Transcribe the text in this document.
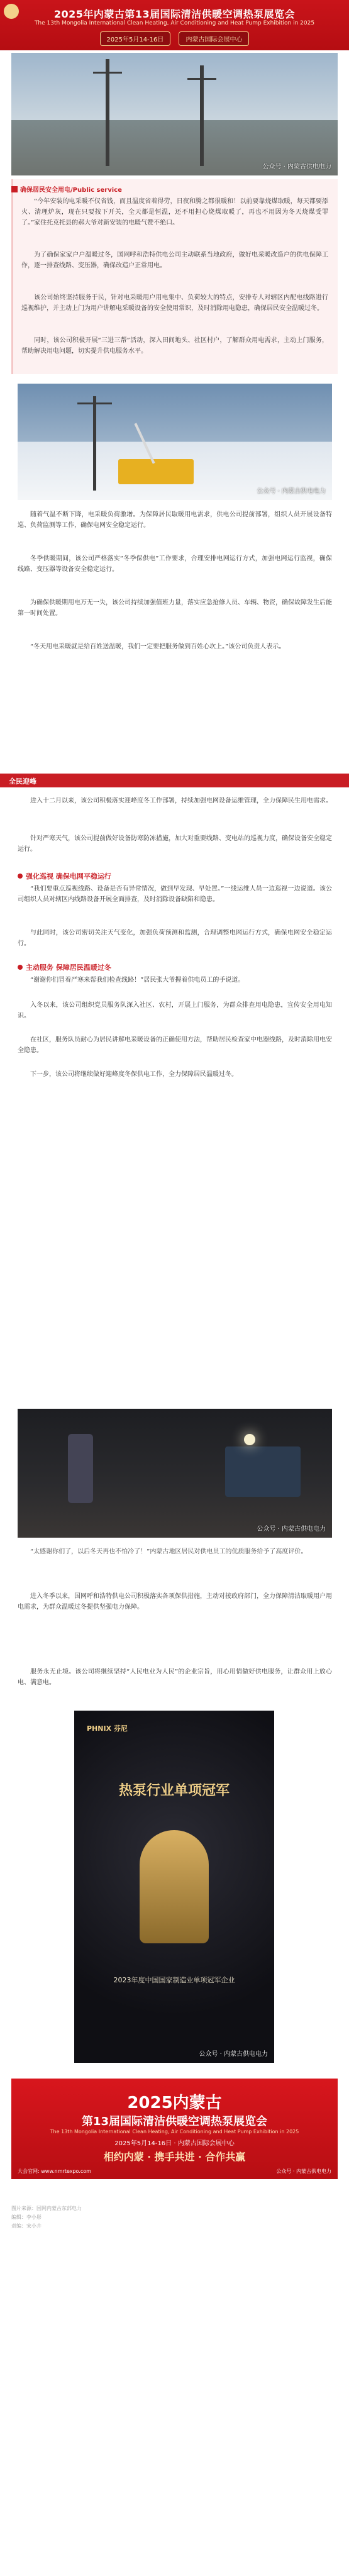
2025年内蒙古第13届国际清洁供暖空调热泵展览会
The 13th Mongolia International Clean Heating, Air Conditioning and Heat Pump Exhibition in 2025
2025年5月14-16日	内蒙古国际会展中心
公众号 · 内蒙古供电电力
确保居民安全用电/Public service

“今年安装的电采暖不仅省钱，而且温度省着得劳，日夜和腾之都很暖和！以前要靠烧煤取暖，每天都要添火、清理炉灰，现在只要按下开关，全天都是恒温，还不用担心烧煤取暖了，再也不用因为冬天烧煤受罪了。”家住托克托县的郝大爷对新安装的电暖气赞不绝口。

为了确保家家户户温暖过冬，国网呼和浩特供电公司主动联系当地政府，做好电采暖改造户的供电保障工作，逐一排查线路、变压器，确保改造户正常用电。

该公司始终坚持服务于民，针对电采暖用户用电集中、负荷较大的特点，安排专人对辖区内配电线路进行巡视维护，并主动上门为用户讲解电采暖设备的安全使用常识，及时消除用电隐患，确保居民安全温暖过冬。

同时，该公司积极开展“三进三帮”活动，深入田间地头、社区村户，了解群众用电需求，主动上门服务，帮助解决用电问题，切实提升供电服务水平。

公众号 · 内蒙古供电电力

随着气温不断下降，电采暖负荷激增。为保障居民取暖用电需求，供电公司提前部署，组织人员开展设备特巡、负荷监测等工作，确保电网安全稳定运行。

冬季供暖期间，该公司严格落实“冬季保供电”工作要求，合理安排电网运行方式，加强电网运行监视，确保线路、变压器等设备安全稳定运行。

为确保供暖期用电万无一失，该公司持续加强值班力量，落实应急抢修人员、车辆、物资，确保故障发生后能第一时间处置。

“冬天用电采暖就是给百姓送温暖，我们一定要把服务做到百姓心坎上。”该公司负责人表示。

全民迎峰

进入十二月以来，该公司积极落实迎峰度冬工作部署，持续加强电网设备运维管理，全力保障民生用电需求。

针对严寒天气，该公司提前做好设备防寒防冻措施，加大对重要线路、变电站的巡视力度，确保设备安全稳定运行。

强化巡视 确保电网平稳运行

“我们要重点巡视线路、设备是否有异常情况，做到早发现、早处置。”一线运维人员一边巡视一边说道。该公司组织人员对辖区内线路设备开展全面排查，及时消除设备缺陷和隐患。

与此同时，该公司密切关注天气变化，加强负荷预测和监测，合理调整电网运行方式，确保电网安全稳定运行。

主动服务 保障居民温暖过冬

“谢谢你们冒着严寒来帮我们检查线路！”居民张大爷握着供电员工的手说道。

入冬以来，该公司组织党员服务队深入社区、农村，开展上门服务，为群众排查用电隐患，宣传安全用电知识。

在社区，服务队员耐心为居民讲解电采暖设备的正确使用方法，帮助居民检查家中电器线路，及时消除用电安全隐患。

下一步，该公司将继续做好迎峰度冬保供电工作，全力保障居民温暖过冬。

公众号 · 内蒙古供电电力
“太感谢你们了，以后冬天再也不怕冷了！”内蒙古地区居民对供电员工的优质服务给予了高度评价。

进入冬季以来，国网呼和浩特供电公司积极落实各项保供措施，主动对接政府部门，全力保障清洁取暖用户用电需求，为群众温暖过冬提供坚强电力保障。

服务永无止境。该公司将继续坚持“人民电业为人民”的企业宗旨，用心用情做好供电服务，让群众用上放心电、满意电。

PHNIX 芬尼
热泵行业单项冠军
2023年度中国国家制造业单项冠军企业
公众号 · 内蒙古供电电力
2025内蒙古
第13届国际清洁供暖空调热泵展览会
The 13th Mongolia International Clean Heating, Air Conditioning and Heat Pump Exhibition in 2025
2025年5月14-16日 · 内蒙古国际会展中心
相约内蒙 · 携手共进 · 合作共赢
大会官网: www.nmrtexpo.com	公众号 · 内蒙古供电电力
图片来源：国网内蒙古东部电力
编辑：李小彤
责编：宋小卉
